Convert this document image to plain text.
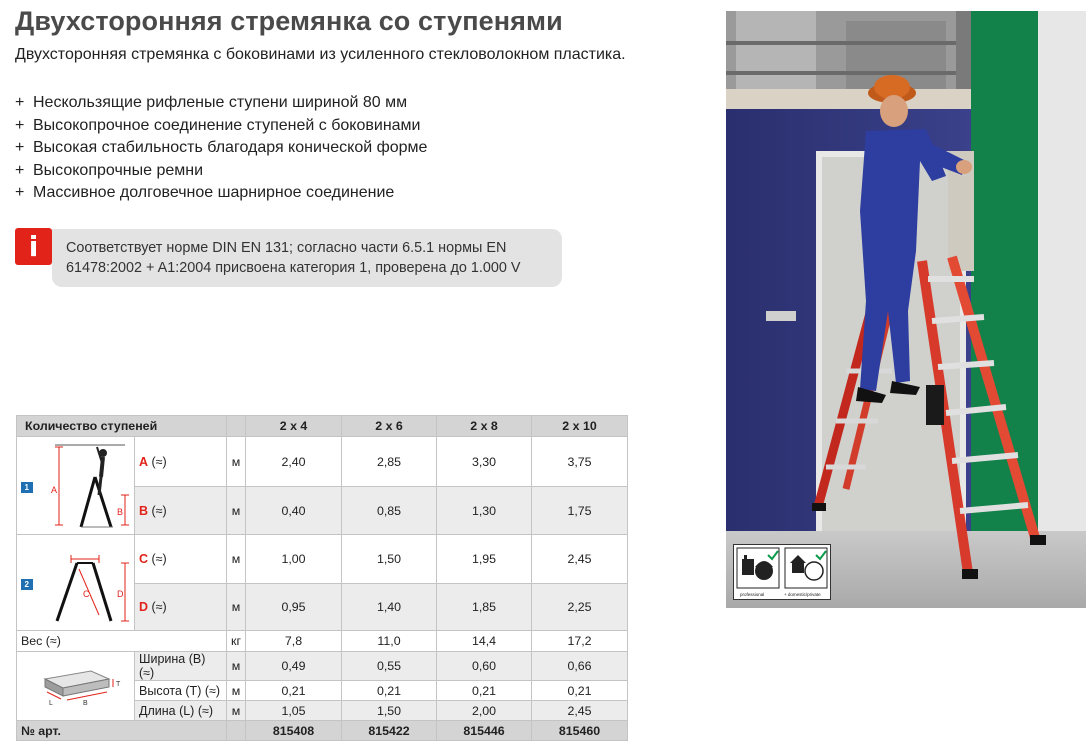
Двухсторонняя стремянка со ступенями
Двухсторонняя стремянка с боковинами из усиленного стекловолокном пластика.
+ Нескользящие рифленые ступени шириной 80 мм
+ Высокопрочное соединение ступеней с боковинами
+ Высокая стабильность благодаря конической форме
+ Высокопрочные ремни
+ Массивное долговечное шарнирное соединение
i	Соответствует норме DIN EN 131; согласно части 6.5.1 нормы EN 61478:2002 + A1:2004 присвоена категория 1, проверена до 1.000 V
Количество ступеней				2 x 4	2 x 6	2 x 8	2 x 10
1	A
B	A (≈)	м	2,40	2,85	3,30	3,75
		B (≈)	м	0,40	0,85	1,30	1,75
2	C D	C (≈)	м	1,00	1,50	1,95	2,45
		D (≈)	м	0,95	1,40	1,85	2,25
Вес (≈)			кг	7,8	11,0	14,4	17,2

T
L B		Ширина (B) (≈)	м	0,49	0,55	0,60	0,66
		Высота (T) (≈)	м	0,21	0,21	0,21	0,21
		Длина (L) (≈)	м	1,05	1,50	2,00	2,45
№ арт.				815408	815422	815446	815460
professional	+ domestic/private
